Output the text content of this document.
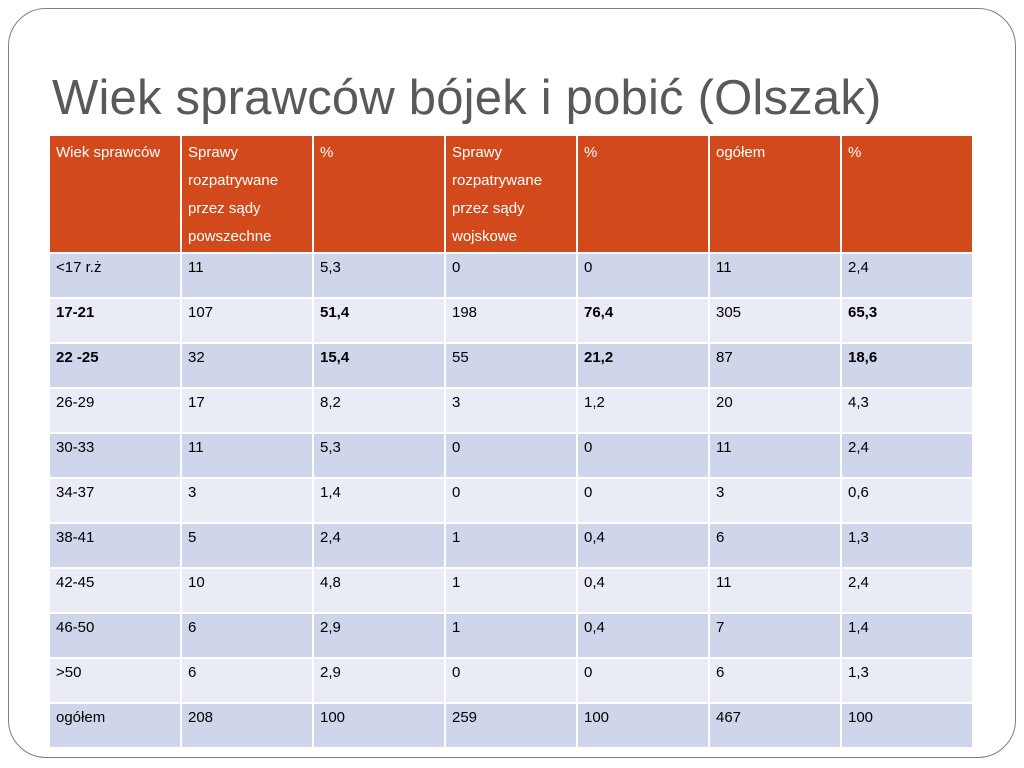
Wiek sprawców bójek i pobić (Olszak)
Wiek sprawców	Sprawy rozpatrywane przez sądy powszechne	%	Sprawy rozpatrywane przez sądy wojskowe	%	ogółem	%
<17 r.ż	11	5,3	0	0	11	2,4
17-21	107	51,4	198	76,4	305	65,3
22 -25	32	15,4	55	21,2	87	18,6
26-29	17	8,2	3	1,2	20	4,3
30-33	11	5,3	0	0	11	2,4
34-37	3	1,4	0	0	3	0,6
38-41	5	2,4	1	0,4	6	1,3
42-45	10	4,8	1	0,4	11	2,4
46-50	6	2,9	1	0,4	7	1,4
>50	6	2,9	0	0	6	1,3
ogółem	208	100	259	100	467	100
